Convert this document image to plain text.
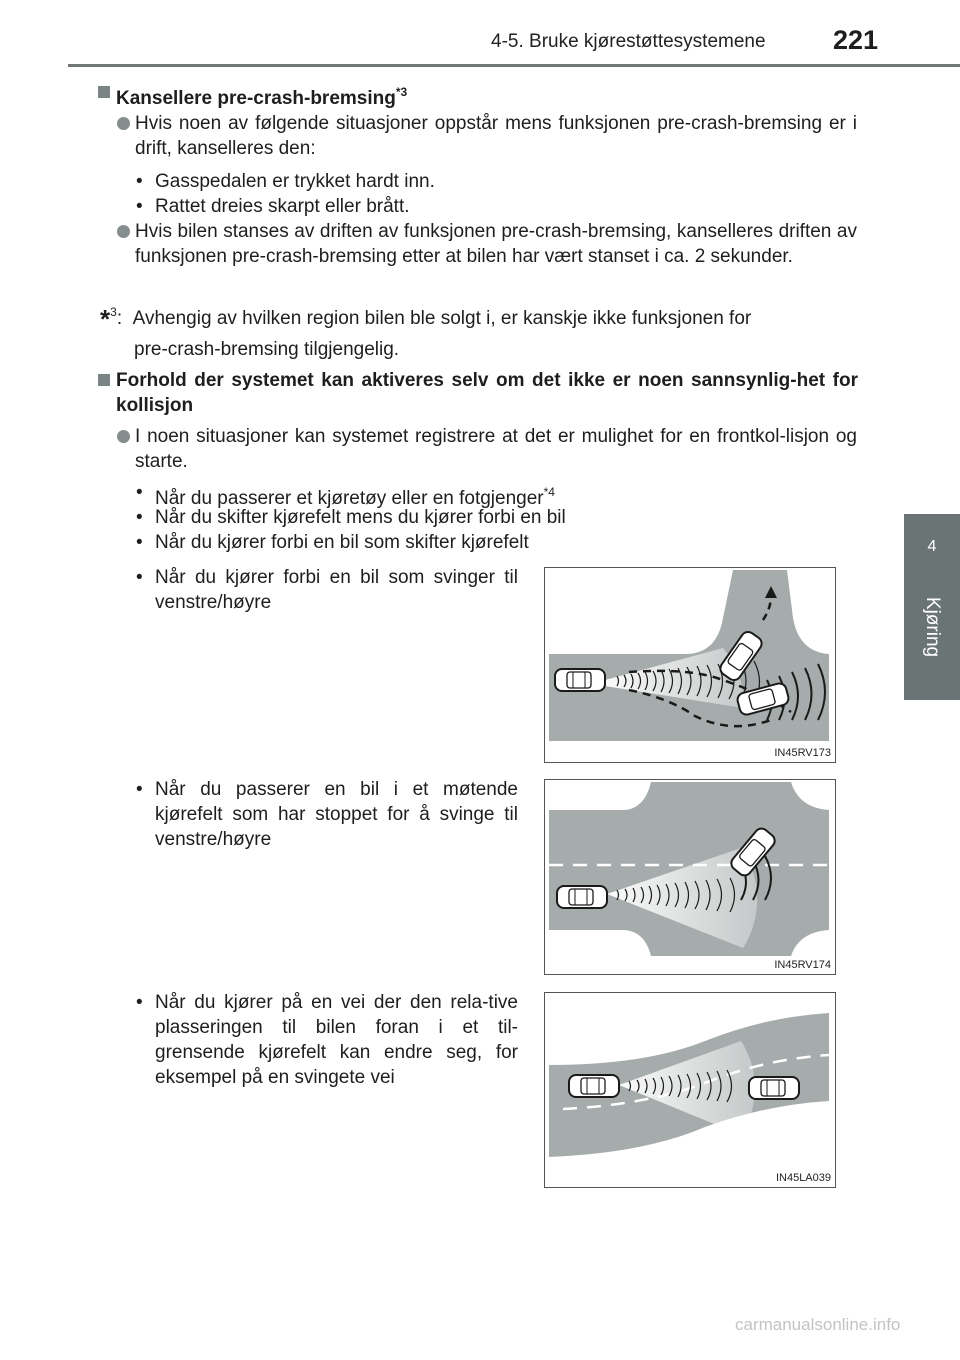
4-5. Bruke kjørestøttesystemene 221
4
Kjøring
Kansellere pre-crash-bremsing$^{*3}$
Hvis noen av følgende situasjoner oppstår mens funksjonen pre-crash-bremsing er i drift, kanselleres den:
• Gasspedalen er trykket hardt inn.
• Rattet dreies skarpt eller brått.
Hvis bilen stanses av driften av funksjonen pre-crash-bremsing, kanselleres driften av funksjonen pre-crash-bremsing etter at bilen har vært stanset i ca. 2 sekunder.
*$^3$:  Avhengig av hvilken region bilen ble solgt i, er kanskje ikke funksjonen for
pre-crash-bremsing tilgjengelig.
Forhold der systemet kan aktiveres selv om det ikke er noen sannsynlig-het for kollisjon
I noen situasjoner kan systemet registrere at det er mulighet for en frontkol-lisjon og starte.
• Når du passerer et kjøretøy eller en fotgjenger$^{*4}$
• Når du skifter kjørefelt mens du kjører forbi en bil
• Når du kjører forbi en bil som skifter kjørefelt
• Når du kjører forbi en bil som svinger til venstre/høyre
• Når du passerer en bil i et møtende kjørefelt som har stoppet for å svinge til venstre/høyre
• Når du kjører på en vei der den rela-tive plasseringen til bilen foran i et til-grensende kjørefelt kan endre seg, for eksempel på en svingete vei
IN45RV173
IN45RV174
IN45LA039
carmanualsonline.info
